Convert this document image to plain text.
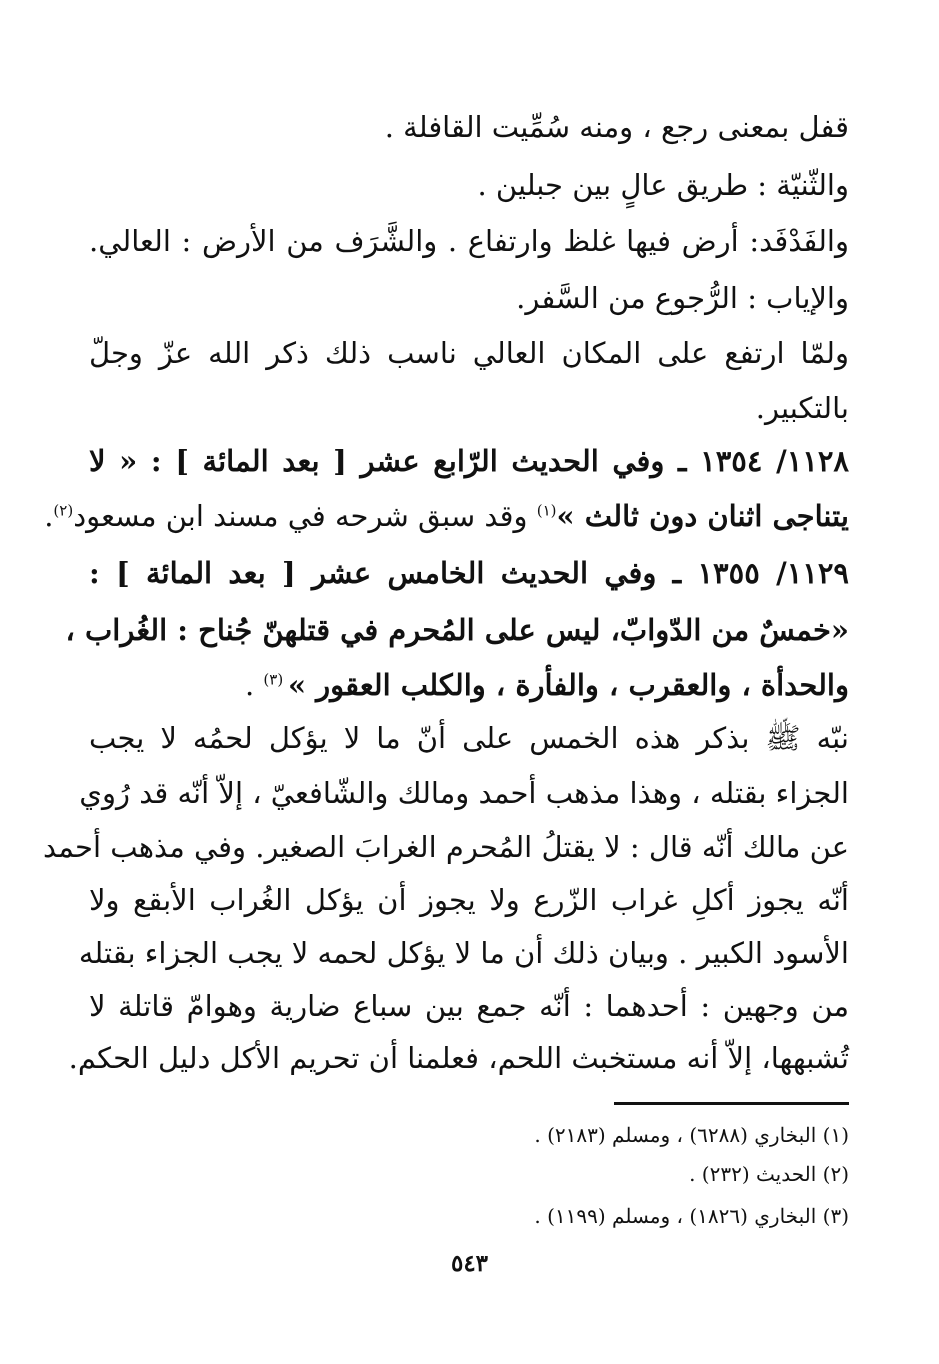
قفل بمعنى رجع ، ومنه سُمِّيت القافلة .
والثّنيّة : طريق عالٍ بين جبلين .
والفَدْفَد: أرض فيها غلظ وارتفاع . والشَّرَف من الأرض : العالي.
والإياب : الرُّجوع من السَّفر.
ولمّا ارتفع على المكان العالي ناسب ذلك ذكر الله عزّ وجلّ
بالتكبير.
١١٢٨/ ١٣٥٤ ـ وفي الحديث الرّابع عشر [ بعد المائة ] : « لا
يتناجى اثنان دون ثالث »$^{(١)}$ وقد سبق شرحه في مسند ابن مسعود$^{(٢)}$.
١١٢٩/ ١٣٥٥ ـ وفي الحديث الخامس عشر [ بعد المائة ] :
«خمسٌ من الدّوابّ، ليس على المُحرم في قتلهنّ جُناح : الغُراب ،
والحدأة ، والعقرب ، والفأرة ، والكلب العقور » $^{(٣)}$ .
نبّه ﷺ بذكر هذه الخمس على أنّ ما لا يؤكل لحمُه لا يجب
الجزاء بقتله ، وهذا مذهب أحمد ومالك والشّافعيّ ، إلاّ أنّه قد رُوي
عن مالك أنّه قال : لا يقتلُ المُحرم الغرابَ الصغير. وفي مذهب أحمد
أنّه يجوز أكلِ غراب الزّرع ولا يجوز أن يؤكل الغُراب الأبقع ولا
الأسود الكبير . وبيان ذلك أن ما لا يؤكل لحمه لا يجب الجزاء بقتله
من وجهين : أحدهما : أنّه جمع بين سباع ضارية وهوامّ قاتلة لا
تُشبهها، إلاّ أنه مستخبث اللحم، فعلمنا أن تحريم الأكل دليل الحكم.
(١) البخاري (٦٢٨٨) ، ومسلم (٢١٨٣) .
(٢) الحديث (٢٣٢) .
(٣) البخاري (١٨٢٦) ، ومسلم (١١٩٩) .
٥٤٣
